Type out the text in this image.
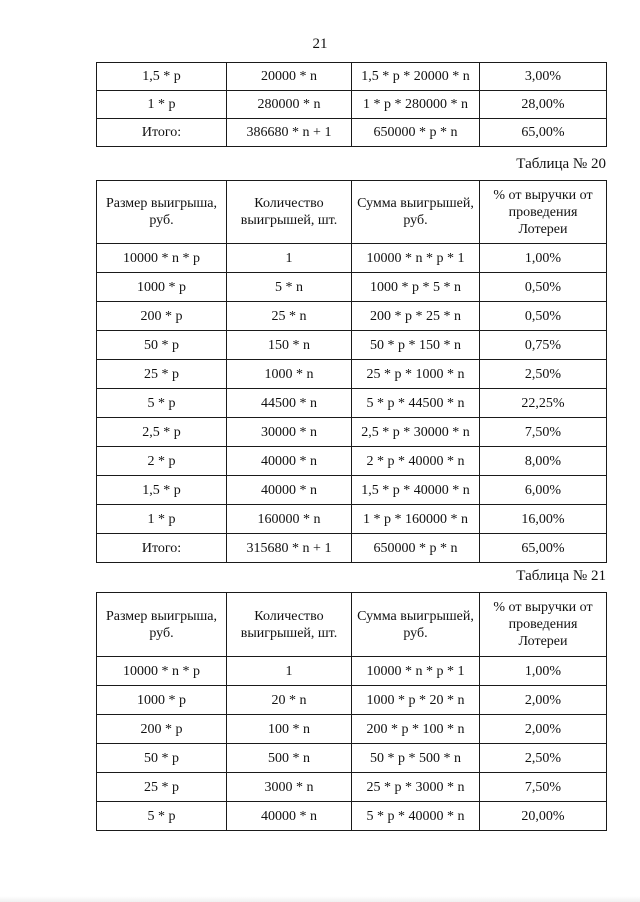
21
1,5 * p	20000 * n	1,5 * p * 20000 * n	3,00%
1 * p	280000 * n	1 * p * 280000 * n	28,00%
Итого:	386680 * n + 1	650000 * p * n	65,00%
Таблица № 20
Размер выигрыша, руб.	Количество выигрышей, шт.	Сумма выигрышей, руб.	% от выручки от проведения Лотереи
10000 * n * p	1	10000 * n * p * 1	1,00%
1000 * p	5 * n	1000 * p * 5 * n	0,50%
200 * p	25 * n	200 * p * 25 * n	0,50%
50 * p	150 * n	50 * p * 150 * n	0,75%
25 * p	1000 * n	25 * p * 1000 * n	2,50%
5 * p	44500 * n	5 * p * 44500 * n	22,25%
2,5 * p	30000 * n	2,5 * p * 30000 * n	7,50%
2 * p	40000 * n	2 * p * 40000 * n	8,00%
1,5 * p	40000 * n	1,5 * p * 40000 * n	6,00%
1 * p	160000 * n	1 * p * 160000 * n	16,00%
Итого:	315680 * n + 1	650000 * p * n	65,00%
Таблица № 21
Размер выигрыша, руб.	Количество выигрышей, шт.	Сумма выигрышей, руб.	% от выручки от проведения Лотереи
10000 * n * p	1	10000 * n * p * 1	1,00%
1000 * p	20 * n	1000 * p * 20 * n	2,00%
200 * p	100 * n	200 * p * 100 * n	2,00%
50 * p	500 * n	50 * p * 500 * n	2,50%
25 * p	3000 * n	25 * p * 3000 * n	7,50%
5 * p	40000 * n	5 * p * 40000 * n	20,00%
